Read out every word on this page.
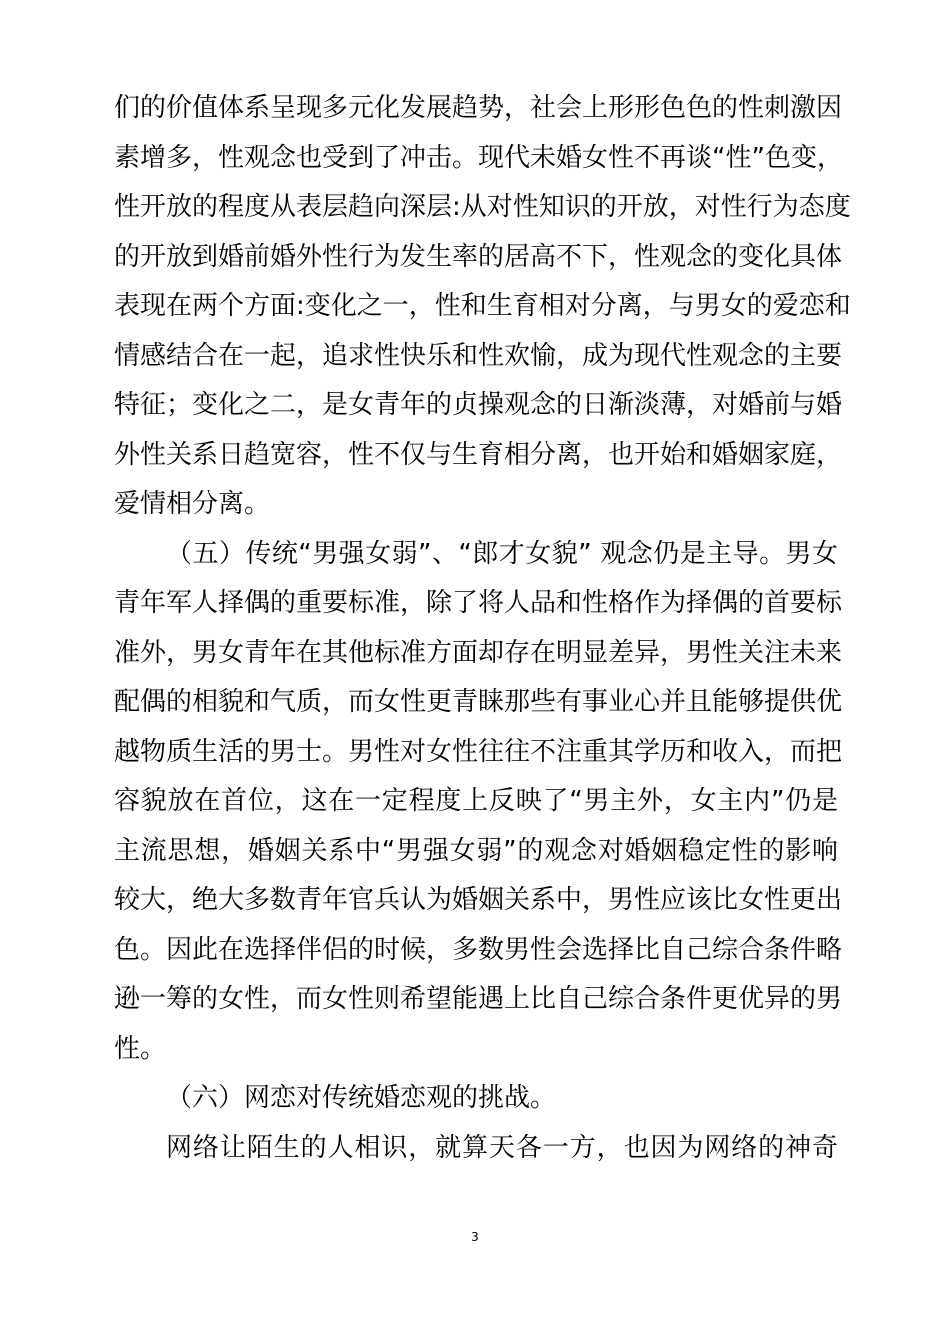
们的价值体系呈现多元化发展趋势，社会上形形色色的性刺激因
素增多，性观念也受到了冲击。现代未婚女性不再谈“性”色变，
性开放的程度从表层趋向深层:从对性知识的开放，对性行为态度
的开放到婚前婚外性行为发生率的居高不下，性观念的变化具体
表现在两个方面:变化之一，性和生育相对分离，与男女的爱恋和
情感结合在一起，追求性快乐和性欢愉，成为现代性观念的主要
特征；变化之二，是女青年的贞操观念的日渐淡薄，对婚前与婚
外性关系日趋宽容，性不仅与生育相分离，也开始和婚姻家庭，
爱情相分离。
（五）传统“男强女弱”、“郎才女貌” 观念仍是主导。男女
青年军人择偶的重要标准，除了将人品和性格作为择偶的首要标
准外，男女青年在其他标准方面却存在明显差异，男性关注未来
配偶的相貌和气质，而女性更青睐那些有事业心并且能够提供优
越物质生活的男士。男性对女性往往不注重其学历和收入，而把
容貌放在首位，这在一定程度上反映了“男主外，女主内”仍是
主流思想，婚姻关系中“男强女弱”的观念对婚姻稳定性的影响
较大，绝大多数青年官兵认为婚姻关系中，男性应该比女性更出
色。因此在选择伴侣的时候，多数男性会选择比自己综合条件略
逊一筹的女性，而女性则希望能遇上比自己综合条件更优异的男
性。
（六）网恋对传统婚恋观的挑战。
网络让陌生的人相识，就算天各一方，也因为网络的神奇
3
